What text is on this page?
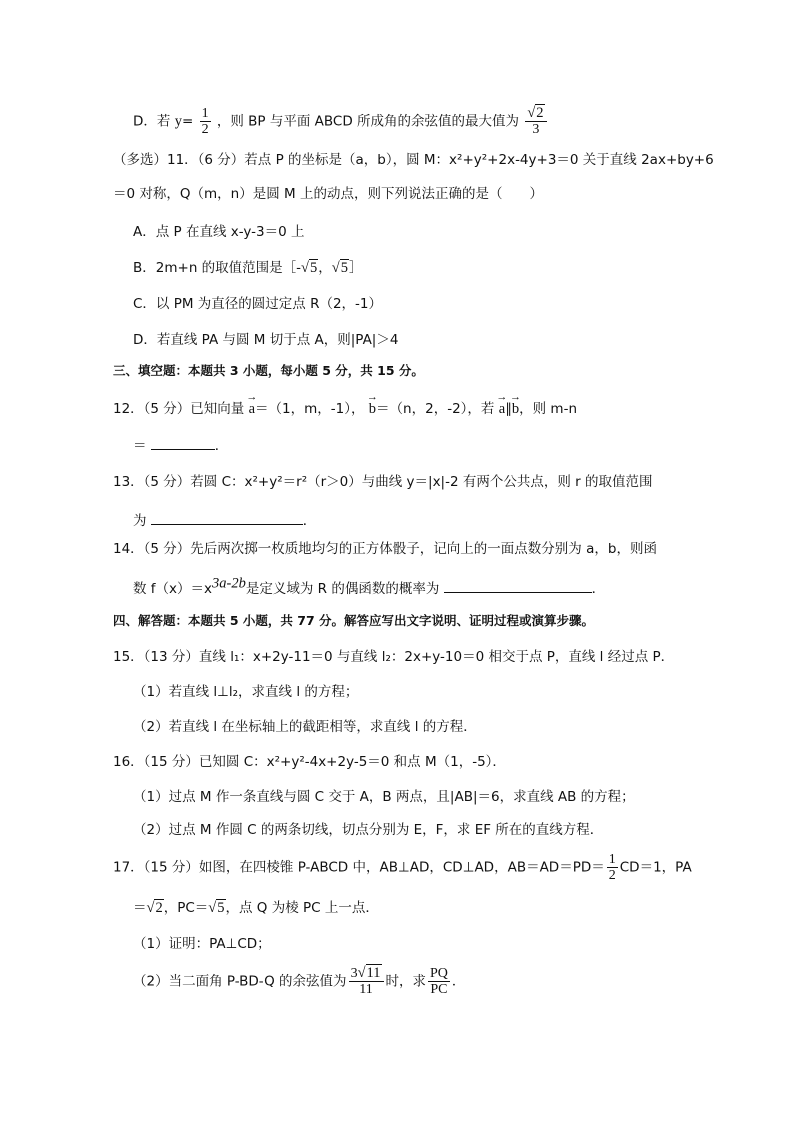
D．若 $y= \frac{1}{2}$ ，则 BP 与平面 ABCD 所成角的余弦值的最大值为 $\frac{√2}{3}$
（多选）11．（6 分）若点 P 的坐标是（a，b），圆 M：x²+y²+2x-4y+3＝0 关于直线 2ax+by+6
＝0 对称，Q（m，n）是圆 M 上的动点，则下列说法正确的是（　　）
A．点 P 在直线 x-y-3＝0 上
B．2m+n 的取值范围是［-√5，√5］
C．以 PM 为直径的圆过定点 R（2，-1）
D．若直线 PA 与圆 M 切于点 A，则|PA|＞4
三、填空题：本题共 3 小题，每小题 5 分，共 15 分。
12．（5 分）已知向量 → a＝（1，m，-1）， → b＝（n，2，-2），若 → a∥→ b，则 m-n
＝	．
13．（5 分）若圆 C：x²+y²＝r²（r＞0）与曲线 y＝|x|-2 有两个公共点，则 r 的取值范围
为	．
14．（5 分）先后两次掷一枚质地均匀的正方体骰子，记向上的一面点数分别为 a，b，则函
数 $f(x)=x^{3a-2b}$是定义域为 R 的偶函数的概率为	．
四、解答题：本题共 5 小题，共 77 分。解答应写出文字说明、证明过程或演算步骤。
15．（13 分）直线 l₁：x+2y-11＝0 与直线 l₂：2x+y-10＝0 相交于点 P，直线 l 经过点 P．
（1）若直线 l⊥l₂，求直线 l 的方程；
（2）若直线 l 在坐标轴上的截距相等，求直线 l 的方程．
16．（15 分）已知圆 C：x²+y²-4x+2y-5＝0 和点 M（1，-5）．
（1）过点 M 作一条直线与圆 C 交于 A，B 两点，且|AB|＝6，求直线 AB 的方程；
（2）过点 M 作圆 C 的两条切线，切点分别为 E，F，求 EF 所在的直线方程．
17．（15 分）如图，在四棱锥 P-ABCD 中，AB⊥AD，CD⊥AD，$AB=AD=PD= \frac{1}{2} CD=1$，PA
＝√2，PC＝√5，点 Q 为棱 PC 上一点．
（1）证明：PA⊥CD；
（2）当二面角 P-BD-Q 的余弦值为 $\frac{3√11}{11}$ 时，求 $\frac{PQ}{PC}$ ．
